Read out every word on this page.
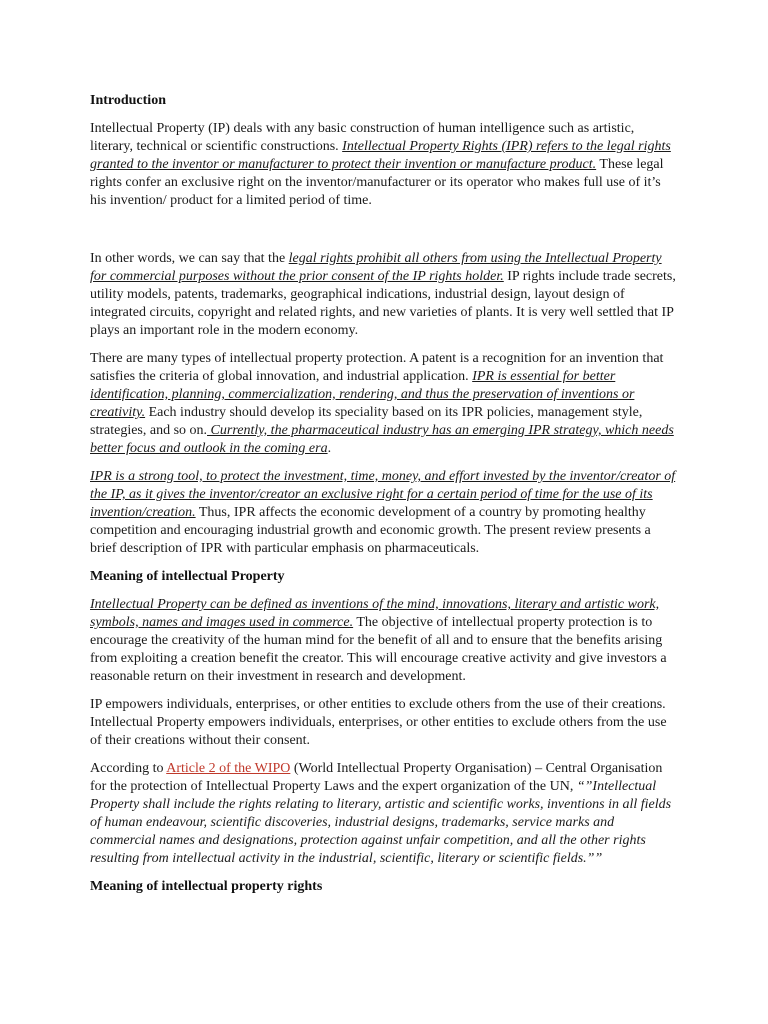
Introduction

Intellectual Property (IP) deals with any basic construction of human intelligence such as artistic, literary, technical or scientific constructions. Intellectual Property Rights (IPR) refers to the legal rights granted to the inventor or manufacturer to protect their invention or manufacture product. These legal rights confer an exclusive right on the inventor/manufacturer or its operator who makes full use of it’s his invention/ product for a limited period of time.

In other words, we can say that the legal rights prohibit all others from using the Intellectual Property for commercial purposes without the prior consent of the IP rights holder. IP rights include trade secrets, utility models, patents, trademarks, geographical indications, industrial design, layout design of integrated circuits, copyright and related rights, and new varieties of plants. It is very well settled that IP plays an important role in the modern economy.

There are many types of intellectual property protection. A patent is a recognition for an invention that satisfies the criteria of global innovation, and industrial application. IPR is essential for better identification, planning, commercialization, rendering, and thus the preservation of inventions or creativity. Each industry should develop its speciality based on its IPR policies, management style, strategies, and so on. Currently, the pharmaceutical industry has an emerging IPR strategy, which needs better focus and outlook in the coming era.

IPR is a strong tool, to protect the investment, time, money, and effort invested by the inventor/creator of the IP, as it gives the inventor/creator an exclusive right for a certain period of time for the use of its invention/creation. Thus, IPR affects the economic development of a country by promoting healthy competition and encouraging industrial growth and economic growth. The present review presents a brief description of IPR with particular emphasis on pharmaceuticals.

Meaning of intellectual Property

Intellectual Property can be defined as inventions of the mind, innovations, literary and artistic work, symbols, names and images used in commerce. The objective of intellectual property protection is to encourage the creativity of the human mind for the benefit of all and to ensure that the benefits arising from exploiting a creation benefit the creator. This will encourage creative activity and give investors a reasonable return on their investment in research and development.

IP empowers individuals, enterprises, or other entities to exclude others from the use of their creations. Intellectual Property empowers individuals, enterprises, or other entities to exclude others from the use of their creations without their consent.

According to Article 2 of the WIPO (World Intellectual Property Organisation) – Central Organisation for the protection of Intellectual Property Laws and the expert organization of the UN, “”Intellectual Property shall include the rights relating to literary, artistic and scientific works, inventions in all fields of human endeavour, scientific discoveries, industrial designs, trademarks, service marks and commercial names and designations, protection against unfair competition, and all the other rights resulting from intellectual activity in the industrial, scientific, literary or scientific fields.””

Meaning of intellectual property rights
